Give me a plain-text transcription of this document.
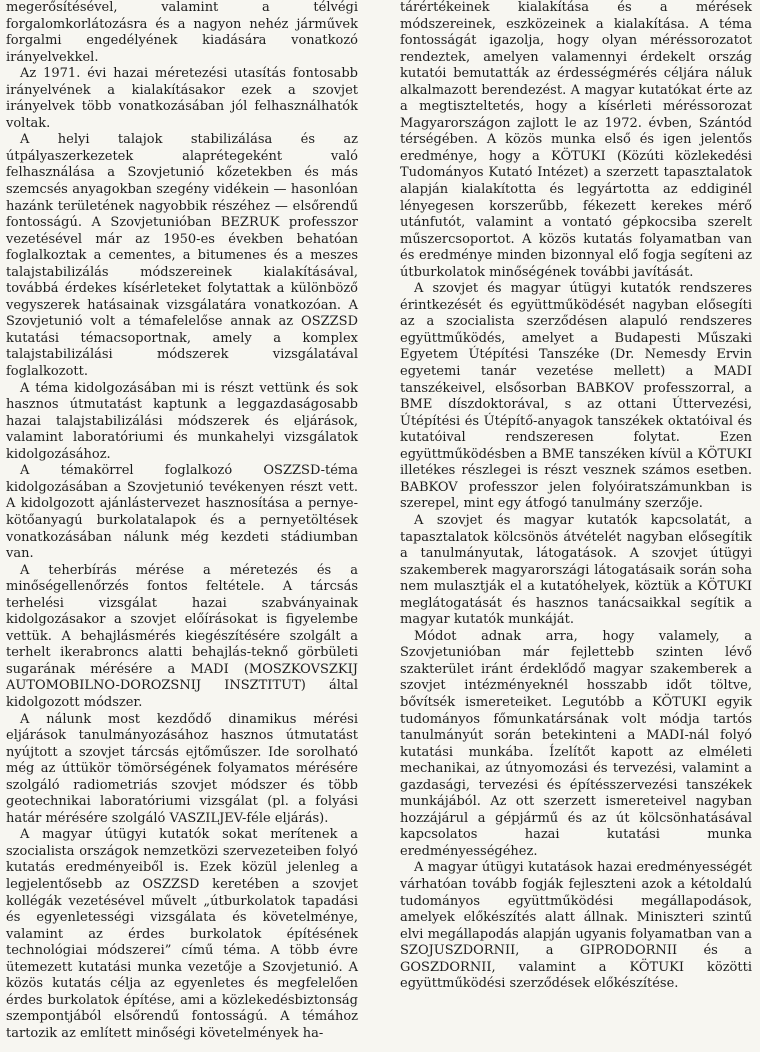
megerősítésével, valamint a télvégi forgalomkorlátozásra és a nagyon nehéz járművek forgalmi engedélyének kiadására vonatkozó irányelvekkel.

Az 1971. évi hazai méretezési utasítás fontosabb irányelvének a kialakításakor ezek a szovjet irányelvek több vonatkozásában jól felhasználhatók voltak.

A helyi talajok stabilizálása és az útpályaszerkezetek alaprétegeként való felhasználása a Szovjetunió kőzetekben és más szemcsés anyagokban szegény vidékein — hasonlóan hazánk területének nagyobbik részéhez — elsőrendű fontosságú. A Szovjetunióban BEZRUK professzor vezetésével már az 1950-es években behatóan foglalkoztak a cementes, a bitumenes és a meszes talajstabilizálás módszereinek kialakításával, továbbá érdekes kísérleteket folytattak a különböző vegyszerek hatásainak vizsgálatára vonatkozóan. A Szovjetunió volt a témafelelőse annak az OSZZSD kutatási témacsoportnak, amely a komplex talajstabilizálási módszerek vizsgálatával foglalkozott.

A téma kidolgozásában mi is részt vettünk és sok hasznos útmutatást kaptunk a leggazdaságosabb hazai talajstabilizálási módszerek és eljárások, valamint laboratóriumi és munkahelyi vizsgálatok kidolgozásához.

A témakörrel foglalkozó OSZZSD-téma kidolgozásában a Szovjetunió tevékenyen részt vett. A kidolgozott ajánlástervezet hasznosítása a pernye-kötőanyagú burkolatalapok és a pernyetöltések vonatkozásában nálunk még kezdeti stádiumban van.

A teherbírás mérése a méretezés és a minőségellenőrzés fontos feltétele. A tárcsás terhelési vizsgálat hazai szabványainak kidolgozásakor a szovjet előírásokat is figyelembe vettük. A behajlásmérés kiegészítésére szolgált a terhelt ikerabroncs alatti behajlás-teknő görbületi sugarának mérésére a MADI (MOSZKOVSZKIJ AUTOMOBILNO-DOROZSNIJ INSZTITUT) által kidolgozott módszer.

A nálunk most kezdődő dinamikus mérési eljárások tanulmányozásához hasznos útmutatást nyújtott a szovjet tárcsás ejtőműszer. Ide sorolható még az úttükör tömörségének folyamatos mérésére szolgáló radiometriás szovjet módszer és több geotechnikai laboratóriumi vizsgálat (pl. a folyási határ mérésére szolgáló VASZILJEV-féle eljárás).

A magyar útügyi kutatók sokat merítenek a szocialista országok nemzetközi szervezeteiben folyó kutatás eredményeiből is. Ezek közül jelenleg a legjelentősebb az OSZZSD keretében a szovjet kollégák vezetésével művelt „útburkolatok tapadási és egyenletességi vizsgálata és követelménye, valamint az érdes burkolatok építésének technológiai módszerei” című téma. A több évre ütemezett kutatási munka vezetője a Szovjetunió. A közös kutatás célja az egyenletes és megfelelően érdes burkolatok építése, ami a közlekedésbiztonság szempontjából elsőrendű fontosságú. A témához tartozik az említett minőségi követelmények ha-

tárértékeinek kialakítása és a mérések módszereinek, eszközeinek a kialakítása. A téma fontosságát igazolja, hogy olyan méréssorozatot rendeztek, amelyen valamennyi érdekelt ország kutatói bemutatták az érdességmérés céljára náluk alkalmazott berendezést. A magyar kutatókat érte az a megtiszteltetés, hogy a kísérleti méréssorozat Magyarországon zajlott le az 1972. évben, Szántód térségében. A közös munka első és igen jelentős eredménye, hogy a KÖTUKI (Közúti közlekedési Tudományos Kutató Intézet) a szerzett tapasztalatok alapján kialakította és legyártotta az eddiginél lényegesen korszerűbb, fékezett kerekes mérő utánfutót, valamint a vontató gépkocsiba szerelt műszercsoportot. A közös kutatás folyamatban van és eredménye minden bizonnyal elő fogja segíteni az útburkolatok minőségének további javítását.

A szovjet és magyar útügyi kutatók rendszeres érintkezését és együttműködését nagyban elősegíti az a szocialista szerződésen alapuló rendszeres együttműködés, amelyet a Budapesti Műszaki Egyetem Útépítési Tanszéke (Dr. Nemesdy Ervin egyetemi tanár vezetése mellett) a MADI tanszékeivel, elsősorban BABKOV professzorral, a BME díszdoktorával, s az ottani Úttervezési, Útépítési és Útépítő-anyagok tanszékek oktatóival és kutatóival rendszeresen folytat. Ezen együttműködésben a BME tanszéken kívül a KÖTUKI illetékes részlegei is részt vesznek számos esetben. BABKOV professzor jelen folyóiratszámunkban is szerepel, mint egy átfogó tanulmány szerzője.

A szovjet és magyar kutatók kapcsolatát, a tapasztalatok kölcsönös átvételét nagyban elősegítik a tanulmányutak, látogatások. A szovjet útügyi szakemberek magyarországi látogatásaik során soha nem mulasztják el a kutatóhelyek, köztük a KÖTUKI meglátogatását és hasznos tanácsaikkal segítik a magyar kutatók munkáját.

Módot adnak arra, hogy valamely, a Szovjetunióban már fejlettebb szinten lévő szakterület iránt érdeklődő magyar szakemberek a szovjet intézményeknél hosszabb időt töltve, bővítsék ismereteiket. Legutóbb a KÖTUKI egyik tudományos főmunkatársának volt módja tartós tanulmányút során betekinteni a MADI-nál folyó kutatási munkába. Ízelítőt kapott az elméleti mechanikai, az útnyomozási és tervezési, valamint a gazdasági, tervezési és építésszervezési tanszékek munkájából. Az ott szerzett ismereteivel nagyban hozzájárul a gépjármű és az út kölcsönhatásával kapcsolatos hazai kutatási munka eredményességéhez.

A magyar útügyi kutatások hazai eredményességét várhatóan tovább fogják fejleszteni azok a kétoldalú tudományos együttműködési megállapodások, amelyek előkészítés alatt állnak. Miniszteri szintű elvi megállapodás alapján ugyanis folyamatban van a SZOJUSZDORNII, a GIPRODORNII és a GOSZDORNII, valamint a KÖTUKI közötti együttműködési szerződések előkészítése.
